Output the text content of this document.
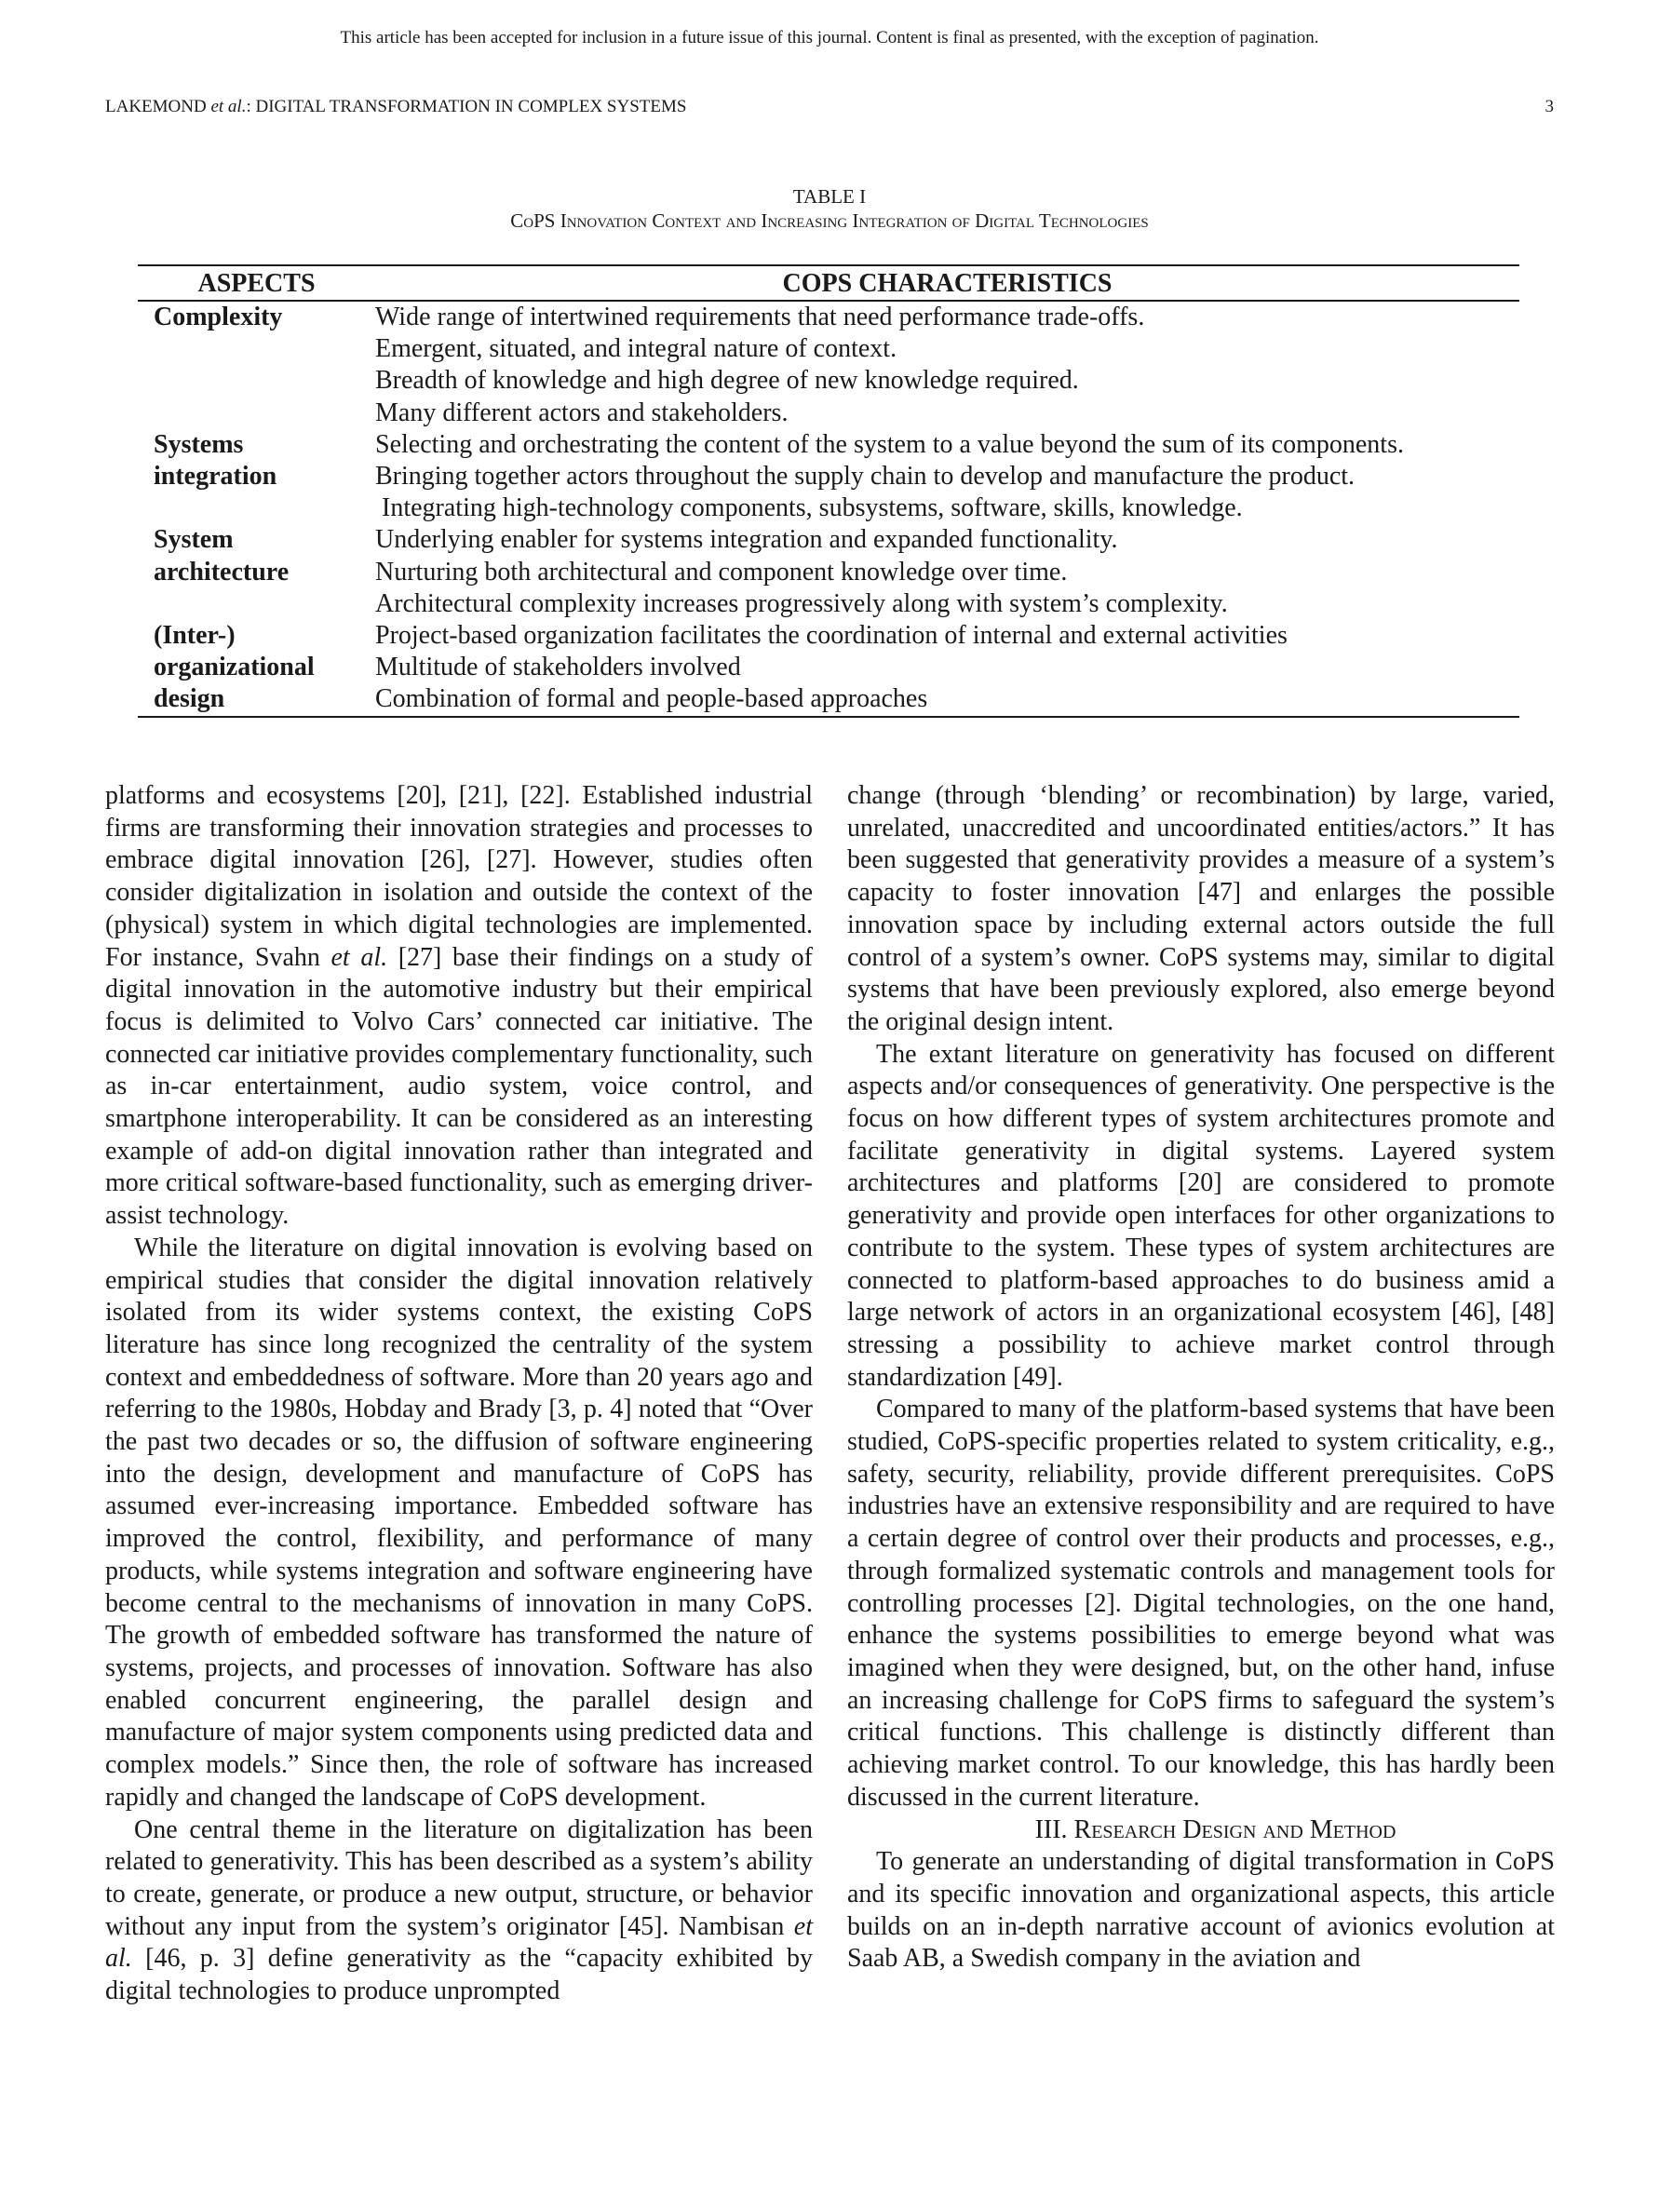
This article has been accepted for inclusion in a future issue of this journal. Content is final as presented, with the exception of pagination.
LAKEMOND et al.: DIGITAL TRANSFORMATION IN COMPLEX SYSTEMS	3
TABLE I
CoPS Innovation Context and Increasing Integration of Digital Technologies
ASPECTS	COPS CHARACTERISTICS

Complexity	Wide range of intertwined requirements that need performance trade-offs.
Emergent, situated, and integral nature of context.
Breadth of knowledge and high degree of new knowledge required.
Many different actors and stakeholders.

Systems
integration	Selecting and orchestrating the content of the system to a value beyond the sum of its components.
Bringing together actors throughout the supply chain to develop and manufacture the product.
Integrating high-technology components, subsystems, software, skills, knowledge.

System
architecture	Underlying enabler for systems integration and expanded functionality.
Nurturing both architectural and component knowledge over time.
Architectural complexity increases progressively along with system’s complexity.

(Inter-)
organizational
design	Project-based organization facilitates the coordination of internal and external activities
Multitude of stakeholders involved
Combination of formal and people-based approaches

platforms and ecosystems [20], [21], [22]. Established industrial firms are transforming their innovation strategies and processes to embrace digital innovation [26], [27]. However, studies often consider digitalization in isolation and outside the context of the (physical) system in which digital technologies are implemented. For instance, Svahn et al. [27] base their findings on a study of digital innovation in the automotive industry but their empirical focus is delimited to Volvo Cars’ connected car initiative. The connected car initiative provides complementary functionality, such as in-car entertainment, audio system, voice control, and smartphone interoperability. It can be considered as an interesting example of add-on digital innovation rather than integrated and more critical software-based functionality, such as emerging driver-assist technology.

While the literature on digital innovation is evolving based on empirical studies that consider the digital innovation relatively isolated from its wider systems context, the existing CoPS literature has since long recognized the centrality of the system context and embeddedness of software. More than 20 years ago and referring to the 1980s, Hobday and Brady [3, p. 4] noted that “Over the past two decades or so, the diffusion of software engineering into the design, development and manufacture of CoPS has assumed ever-increasing importance. Embedded software has improved the control, flexibility, and performance of many products, while systems integration and software engineering have become central to the mechanisms of innovation in many CoPS. The growth of embedded software has transformed the nature of systems, projects, and processes of innovation. Software has also enabled concurrent engineering, the parallel design and manufacture of major system components using predicted data and complex models.” Since then, the role of software has increased rapidly and changed the landscape of CoPS development.

One central theme in the literature on digitalization has been related to generativity. This has been described as a system’s ability to create, generate, or produce a new output, structure, or behavior without any input from the system’s originator [45]. Nambisan et al. [46, p. 3] define generativity as the “capacity exhibited by digital technologies to produce unprompted

change (through ‘blending’ or recombination) by large, varied, unrelated, unaccredited and uncoordinated entities/actors.” It has been suggested that generativity provides a measure of a system’s capacity to foster innovation [47] and enlarges the possible innovation space by including external actors outside the full control of a system’s owner. CoPS systems may, similar to digital systems that have been previously explored, also emerge beyond the original design intent.

The extant literature on generativity has focused on different aspects and/or consequences of generativity. One perspective is the focus on how different types of system architectures promote and facilitate generativity in digital systems. Layered system architectures and platforms [20] are considered to promote generativity and provide open interfaces for other organizations to contribute to the system. These types of system architectures are connected to platform-based approaches to do business amid a large network of actors in an organizational ecosystem [46], [48] stressing a possibility to achieve market control through standardization [49].

Compared to many of the platform-based systems that have been studied, CoPS-specific properties related to system criticality, e.g., safety, security, reliability, provide different prerequisites. CoPS industries have an extensive responsibility and are required to have a certain degree of control over their products and processes, e.g., through formalized systematic controls and management tools for controlling processes [2]. Digital technologies, on the one hand, enhance the systems possibilities to emerge beyond what was imagined when they were designed, but, on the other hand, infuse an increasing challenge for CoPS firms to safeguard the system’s critical functions. This challenge is distinctly different than achieving market control. To our knowledge, this has hardly been discussed in the current literature.

III. Research Design and Method

To generate an understanding of digital transformation in CoPS and its specific innovation and organizational aspects, this article builds on an in-depth narrative account of avionics evolution at Saab AB, a Swedish company in the aviation and
